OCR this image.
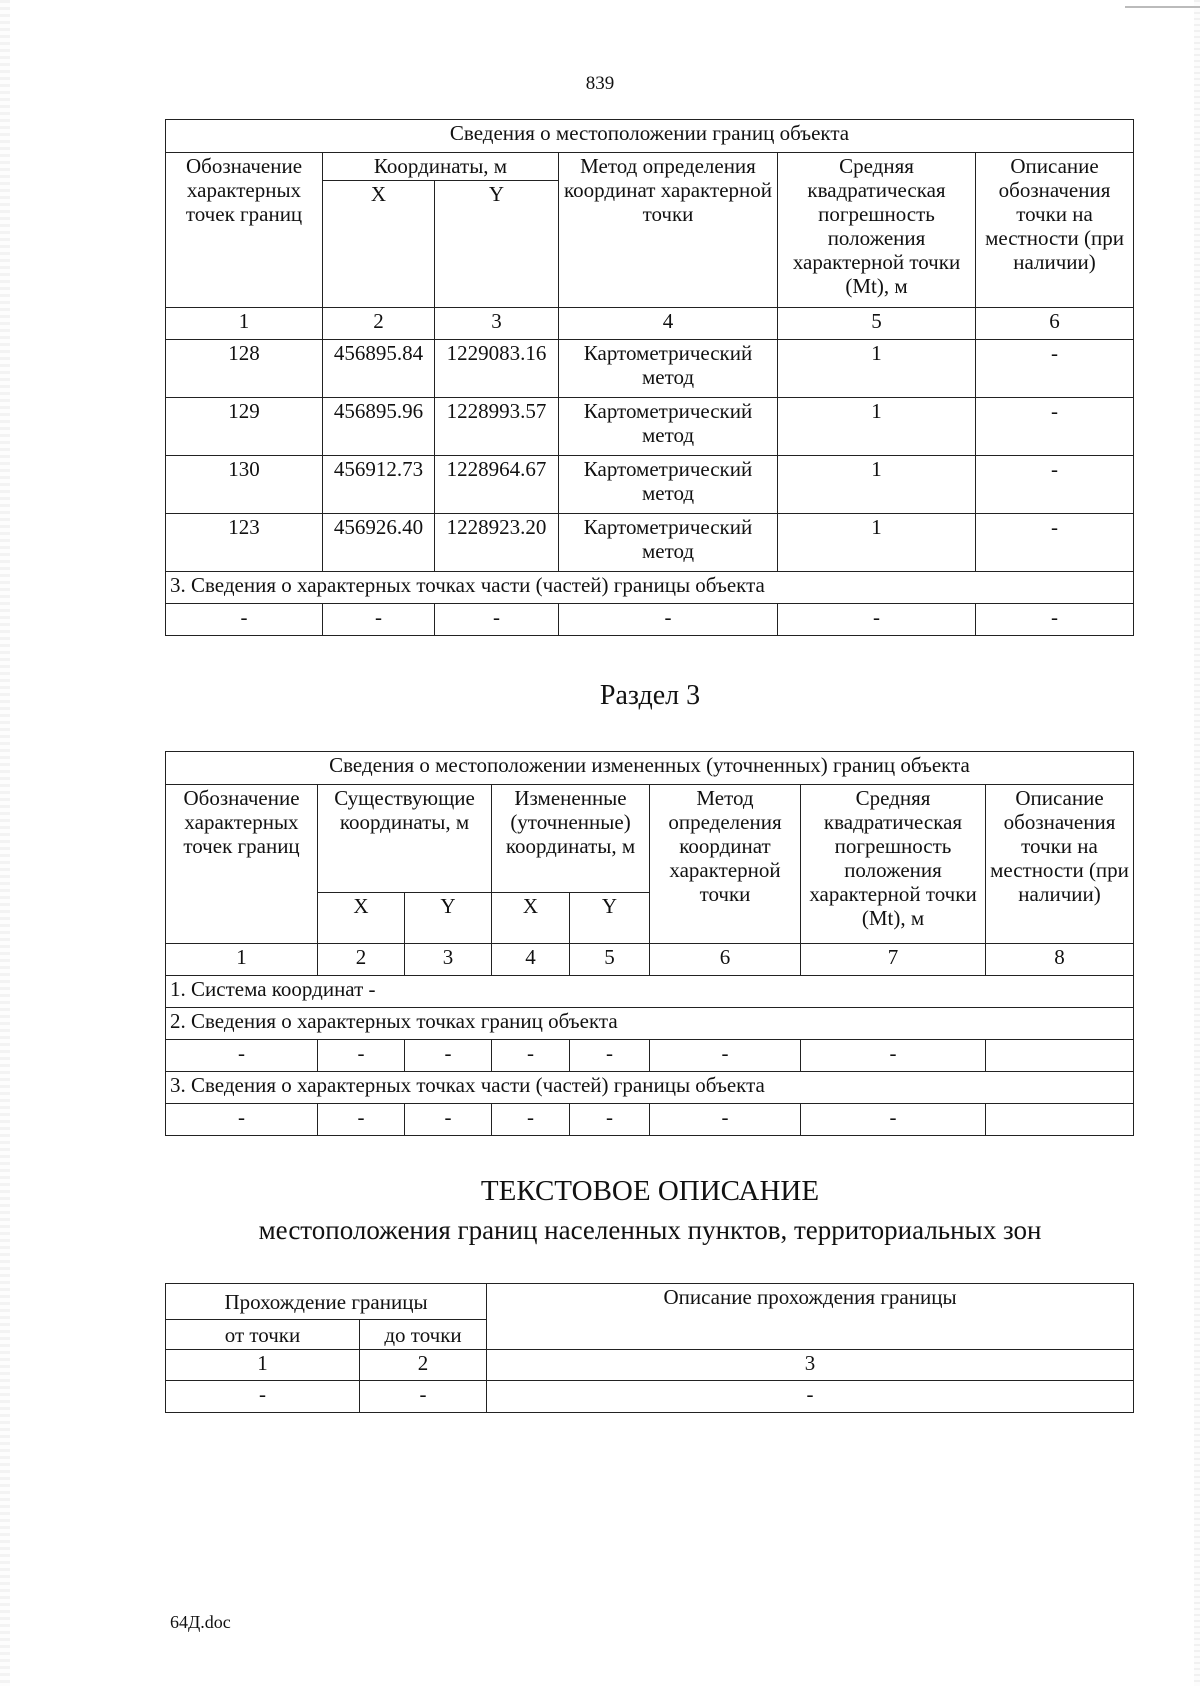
839
Сведения о местоположении границ объекта					
Обозначение характерных точек границ	Координаты, м		Метод определения координат характерной точки	Средняя квадратическая погрешность положения характерной точки (Mt), м	Описание обозначения точки на местности (при наличии)
	X	Y			
1	2	3	4	5	6
128	456895.84	1229083.16	Картометрический метод	1	-
129	456895.96	1228993.57	Картометрический метод	1	-
130	456912.73	1228964.67	Картометрический метод	1	-
123	456926.40	1228923.20	Картометрический метод	1	-
3. Сведения о характерных точках части (частей) границы объекта					
-	-	-	-	-	-
Раздел 3
Сведения о местоположении измененных (уточненных) границ объекта							
Обозначение характерных точек границ	Существующие координаты, м		Измененные (уточненные) координаты, м		Метод определения координат характерной точки	Средняя квадратическая погрешность положения характерной точки (Mt), м	Описание обозначения точки на местности (при наличии)
	X	Y	X	Y			
1	2	3	4	5	6	7	8
1. Система координат -							
2. Сведения о характерных точках границ объекта							
-	-	-	-	-	-	-	
3. Сведения о характерных точках части (частей) границы объекта							
-	-	-	-	-	-	-	
ТЕКСТОВОЕ ОПИСАНИЕ
местоположения границ населенных пунктов, территориальных зон
Прохождение границы		Описание прохождения границы
от точки	до точки	
1	2	3
-	-	-
64Д.doc
